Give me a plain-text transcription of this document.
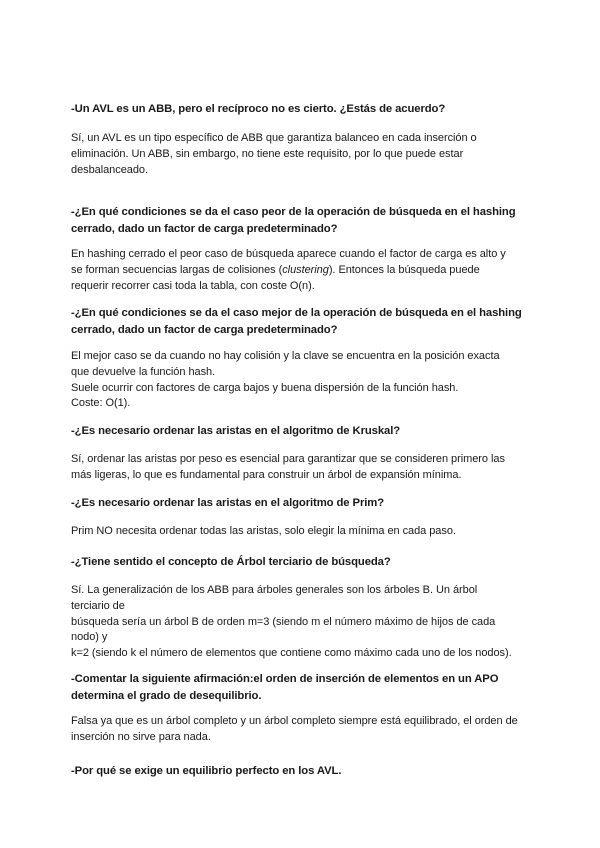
-Un AVL es un ABB, pero el recíproco no es cierto. ¿Estás de acuerdo?

Sí, un AVL es un tipo específico de ABB que garantiza balanceo en cada inserción o
eliminación. Un ABB, sin embargo, no tiene este requisito, por lo que puede estar
desbalanceado.

-¿En qué condiciones se da el caso peor de la operación de búsqueda en el hashing
cerrado, dado un factor de carga predeterminado?

En hashing cerrado el peor caso de búsqueda aparece cuando el factor de carga es alto y
se forman secuencias largas de colisiones (clustering). Entonces la búsqueda puede
requerir recorrer casi toda la tabla, con coste O(n).

-¿En qué condiciones se da el caso mejor de la operación de búsqueda en el hashing
cerrado, dado un factor de carga predeterminado?

El mejor caso se da cuando no hay colisión y la clave se encuentra en la posición exacta
que devuelve la función hash.
Suele ocurrir con factores de carga bajos y buena dispersión de la función hash.
Coste: O(1).

-¿Es necesario ordenar las aristas en el algoritmo de Kruskal?

Sí, ordenar las aristas por peso es esencial para garantizar que se consideren primero las
más ligeras, lo que es fundamental para construir un árbol de expansión mínima.

-¿Es necesario ordenar las aristas en el algoritmo de Prim?

Prim NO necesita ordenar todas las aristas, solo elegir la mínima en cada paso.

-¿Tiene sentido el concepto de Árbol terciario de búsqueda?

Sí. La generalización de los ABB para árboles generales son los árboles B. Un árbol
terciario de
búsqueda sería un árbol B de orden m=3 (siendo m el número máximo de hijos de cada
nodo) y
k=2 (siendo k el número de elementos que contiene como máximo cada uno de los nodos).

-Comentar la siguiente afirmación:el orden de inserción de elementos en un APO
determina el grado de desequilibrio.

Falsa ya que es un árbol completo y un árbol completo siempre está equilibrado, el orden de
inserción no sirve para nada.

-Por qué se exige un equilibrio perfecto en los AVL.
